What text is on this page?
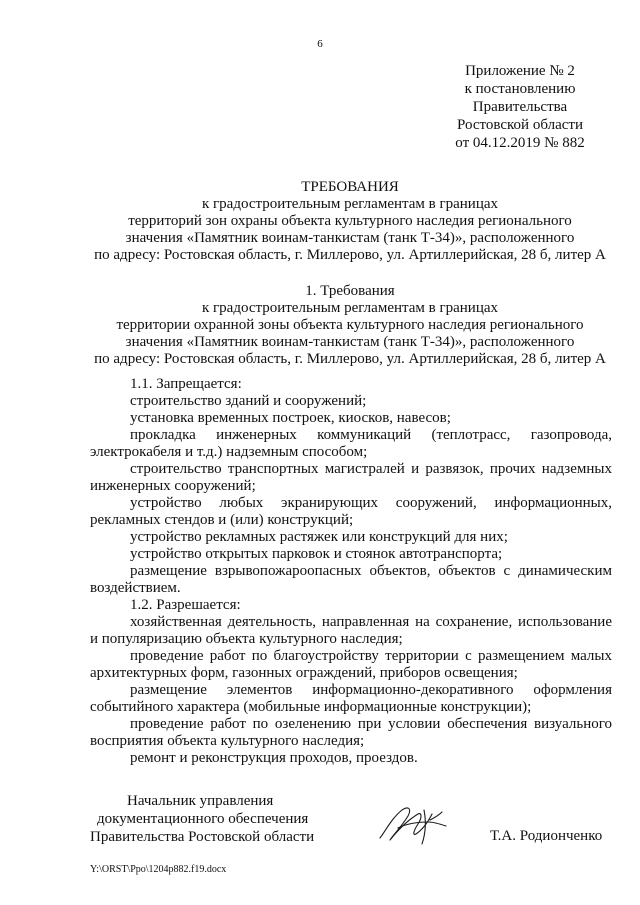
6
Приложение № 2
к постановлению
Правительства
Ростовской области
от 04.12.2019 № 882
ТРЕБОВАНИЯ
к градостроительным регламентам в границах
территорий зон охраны объекта культурного наследия регионального
значения «Памятник воинам-танкистам (танк Т-34)», расположенного
по адресу: Ростовская область, г. Миллерово, ул. Артиллерийская, 28 б, литер А
1. Требования
к градостроительным регламентам в границах
территории охранной зоны объекта культурного наследия регионального
значения «Памятник воинам-танкистам (танк Т-34)», расположенного
по адресу: Ростовская область, г. Миллерово, ул. Артиллерийская, 28 б, литер А

1.1. Запрещается:

строительство зданий и сооружений;

установка временных построек, киосков, навесов;

прокладка инженерных коммуникаций (теплотрасс, газопровода, электрокабеля и т.д.) надземным способом;

строительство транспортных магистралей и развязок, прочих надземных инженерных сооружений;

устройство любых экранирующих сооружений, информационных, рекламных стендов и (или) конструкций;

устройство рекламных растяжек или конструкций для них;

устройство открытых парковок и стоянок автотранспорта;

размещение взрывопожароопасных объектов, объектов с динамическим воздействием.

1.2. Разрешается:

хозяйственная деятельность, направленная на сохранение, использование и популяризацию объекта культурного наследия;

проведение работ по благоустройству территории с размещением малых архитектурных форм, газонных ограждений, приборов освещения;

размещение элементов информационно-декоративного оформления событийного характера (мобильные информационные конструкции);

проведение работ по озеленению при условии обеспечения визуального восприятия объекта культурного наследия;

ремонт и реконструкция проходов, проездов.

Начальник управления
документационного обеспечения
Правительства Ростовской области	Т.А. Родионченко
Y:\ORST\Ppo\1204p882.f19.docx
